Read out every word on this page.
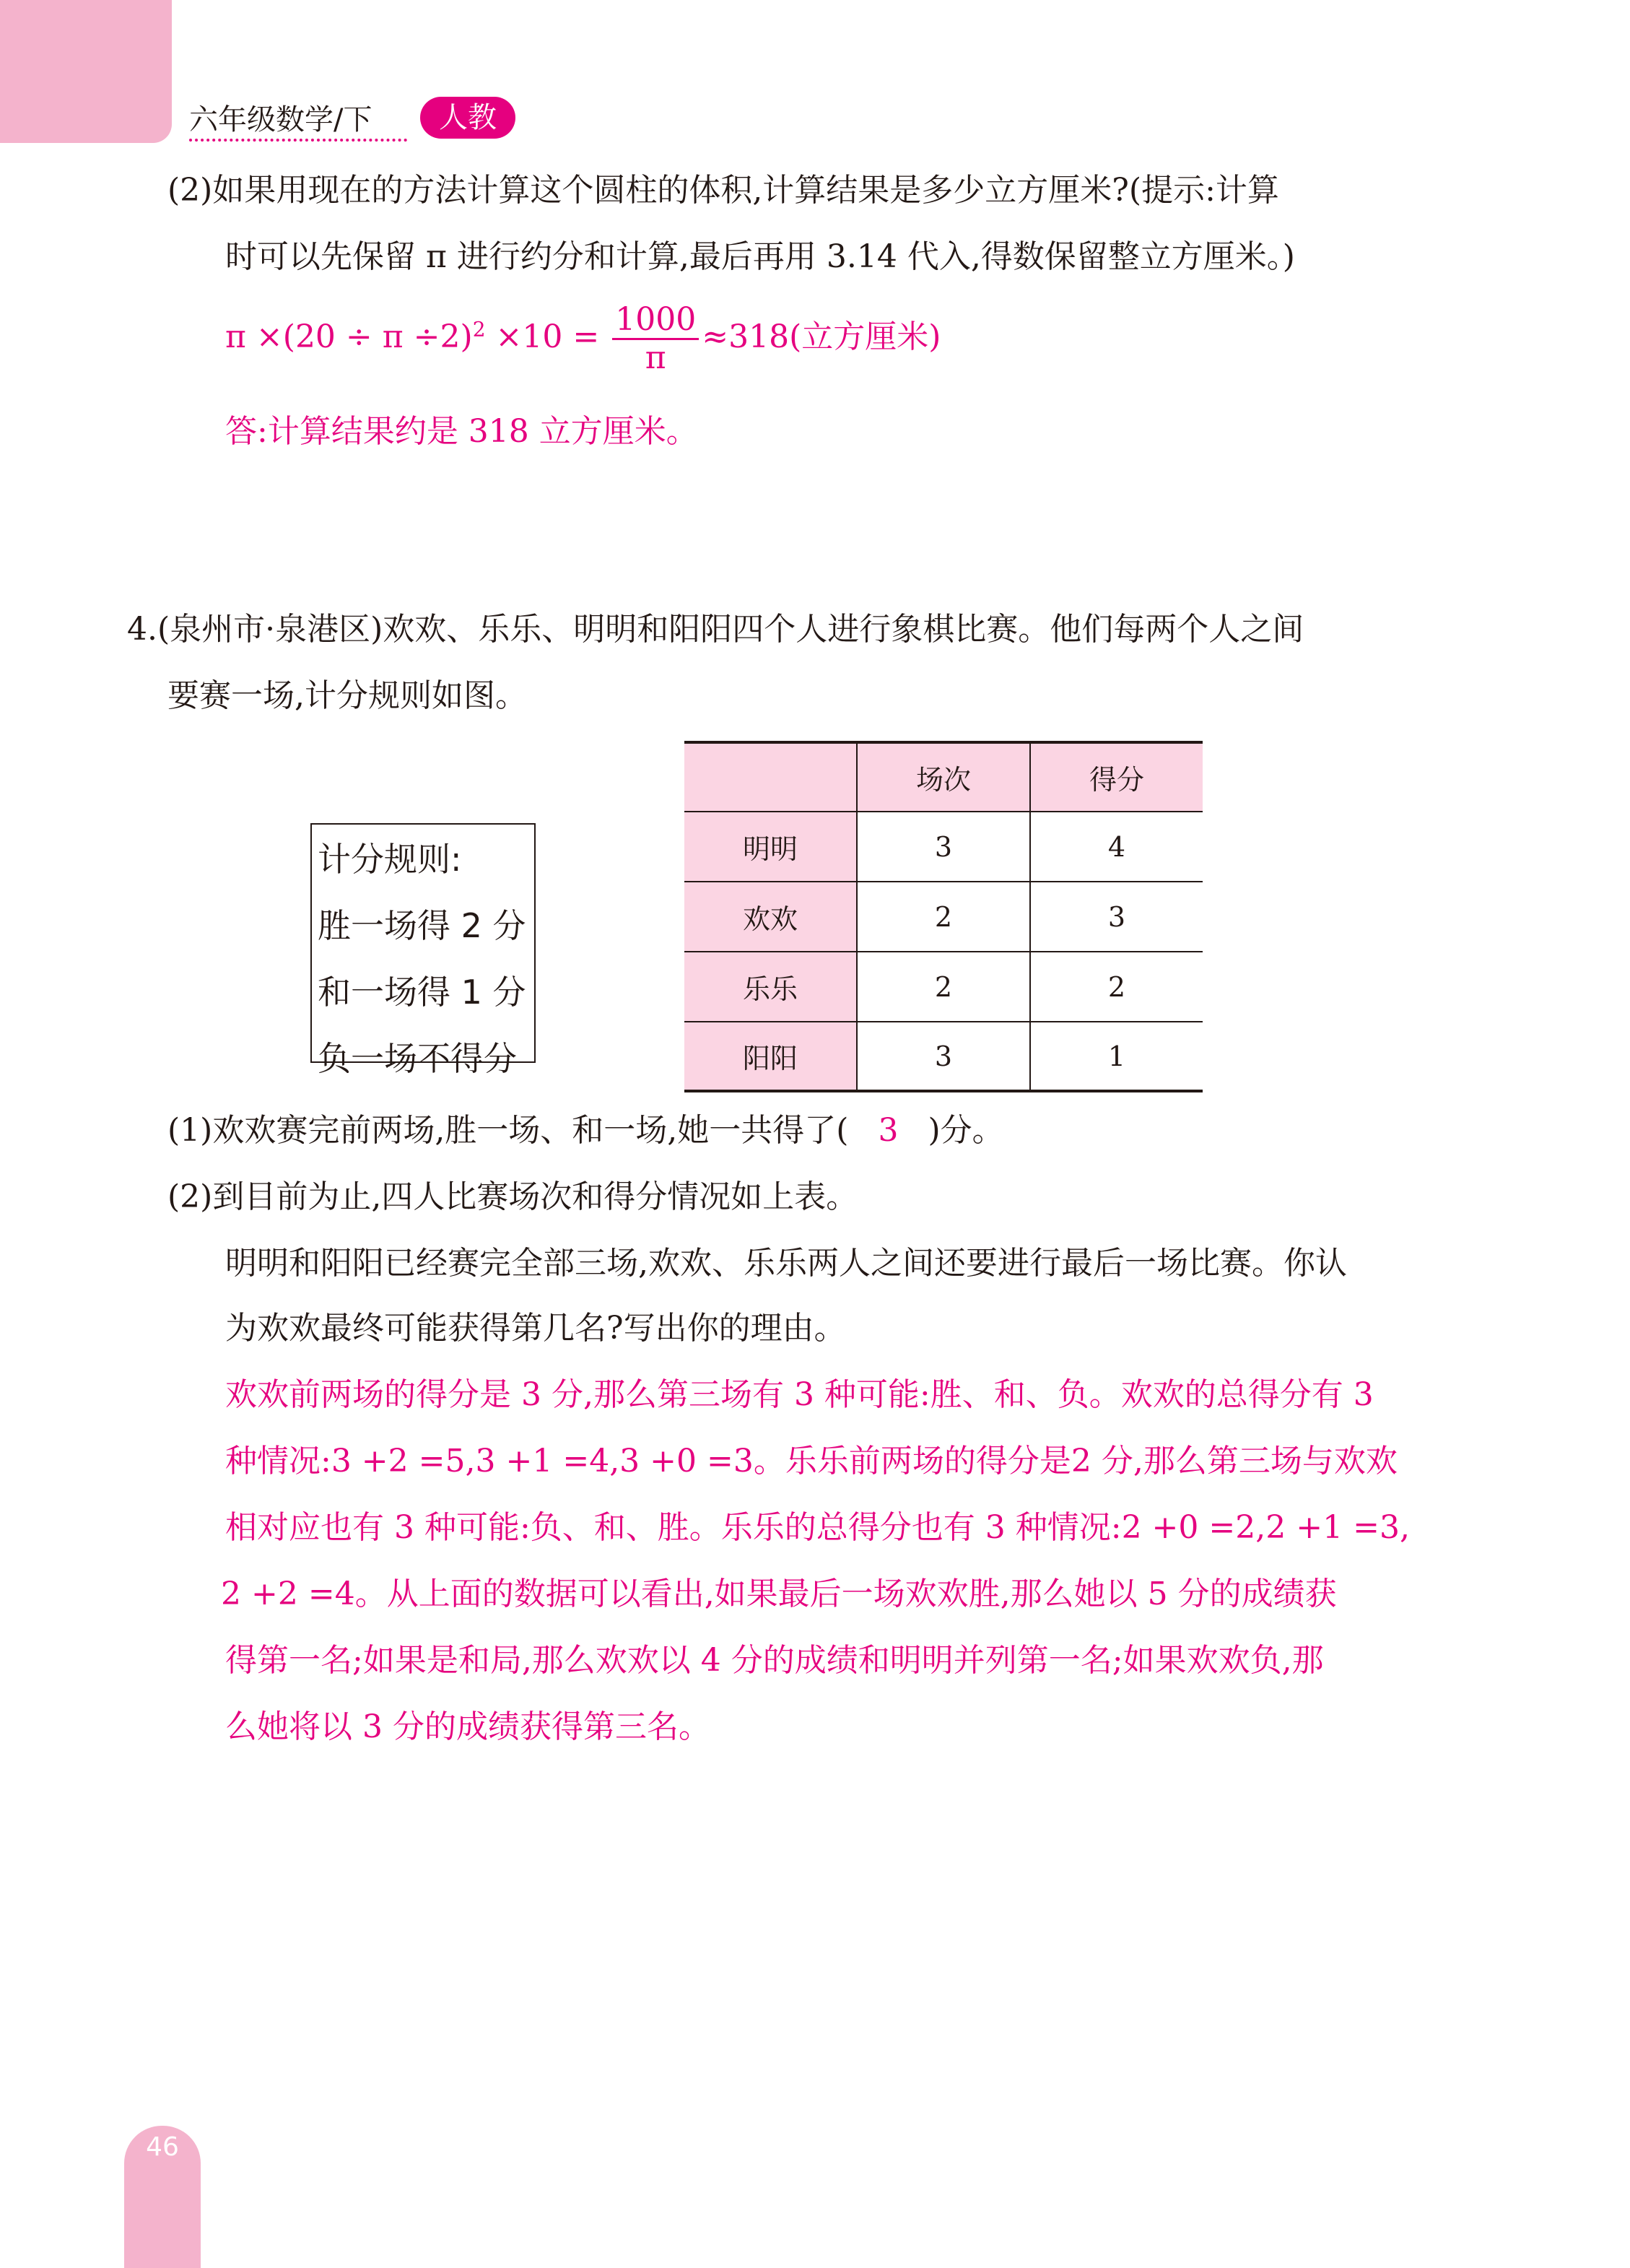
六年级数学/下	人教
(2)如果用现在的方法计算这个圆柱的体积,计算结果是多少立方厘米?(提示:计算
时可以先保留 π 进行约分和计算,最后再用 3.14 代入,得数保留整立方厘米。)
$\pi \times(20 \div \pi \div 2)^2 \times 10 = \frac{1000}{\pi} \approx 318$(立方厘米)
答:计算结果约是 318 立方厘米。
4.(泉州市·泉港区)欢欢、乐乐、明明和阳阳四个人进行象棋比赛。他们每两个人之间
要赛一场,计分规则如图。
计分规则:
胜一场得 2 分
和一场得 1 分
负一场不得分
	场次	得分
明明	3	4
欢欢	2	3
乐乐	2	2
阳阳	3	1
(1)欢欢赛完前两场,胜一场、和一场,她一共得了( 3 )分。
(2)到目前为止,四人比赛场次和得分情况如上表。
明明和阳阳已经赛完全部三场,欢欢、乐乐两人之间还要进行最后一场比赛。你认
为欢欢最终可能获得第几名?写出你的理由。
欢欢前两场的得分是 3 分,那么第三场有 3 种可能:胜、和、负。欢欢的总得分有 3
种情况:3 +2 =5,3 +1 =4,3 +0 =3。乐乐前两场的得分是2 分,那么第三场与欢欢
相对应也有 3 种可能:负、和、胜。乐乐的总得分也有 3 种情况:2 +0 =2,2 +1 =3,
2 +2 =4。从上面的数据可以看出,如果最后一场欢欢胜,那么她以 5 分的成绩获
得第一名;如果是和局,那么欢欢以 4 分的成绩和明明并列第一名;如果欢欢负,那
么她将以 3 分的成绩获得第三名。
46
